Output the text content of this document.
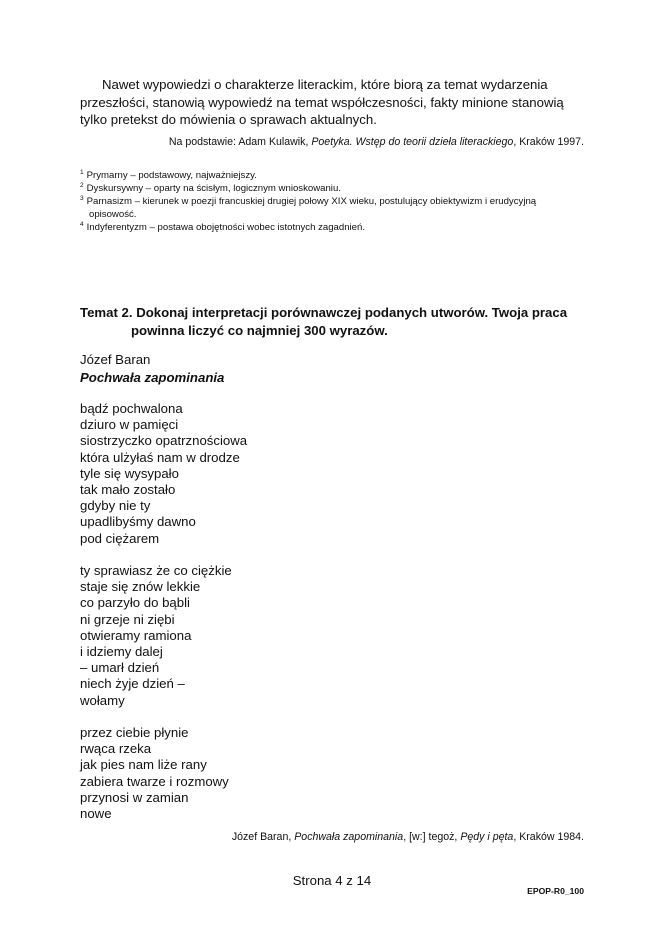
Nawet wypowiedzi o charakterze literackim, które biorą za temat wydarzenia przeszłości, stanowią wypowiedź na temat współczesności, fakty minione stanowią tylko pretekst do mówienia o sprawach aktualnych.
Na podstawie: Adam Kulawik, Poetyka. Wstęp do teorii dzieła literackiego, Kraków 1997.
$^1$ Prymarny – podstawowy, najważniejszy.
$^2$ Dyskursywny – oparty na ścisłym, logicznym wnioskowaniu.
$^3$ Parnasizm – kierunek w poezji francuskiej drugiej połowy XIX wieku, postulujący obiektywizm i erudycyjną
opisowość.
$^4$ Indyferentyzm – postawa obojętności wobec istotnych zagadnień.
Temat 2. Dokonaj interpretacji porównawczej podanych utworów. Twoja praca
powinna liczyć co najmniej 300 wyrazów.
Józef Baran
Pochwała zapominania
bądź pochwalona
dziuro w pamięci
siostrzyczko opatrznościowa
która ulżyłaś nam w drodze
tyle się wysypało
tak mało zostało
gdyby nie ty
upadlibyśmy dawno
pod ciężarem
ty sprawiasz że co ciężkie
staje się znów lekkie
co parzyło do bąbli
ni grzeje ni ziębi
otwieramy ramiona
i idziemy dalej
– umarł dzień
niech żyje dzień –
wołamy
przez ciebie płynie
rwąca rzeka
jak pies nam liże rany
zabiera twarze i rozmowy
przynosi w zamian
nowe
Józef Baran, Pochwała zapominania, [w:] tegoż, Pędy i pęta, Kraków 1984.
Strona 4 z 14
EPOP-R0_100
